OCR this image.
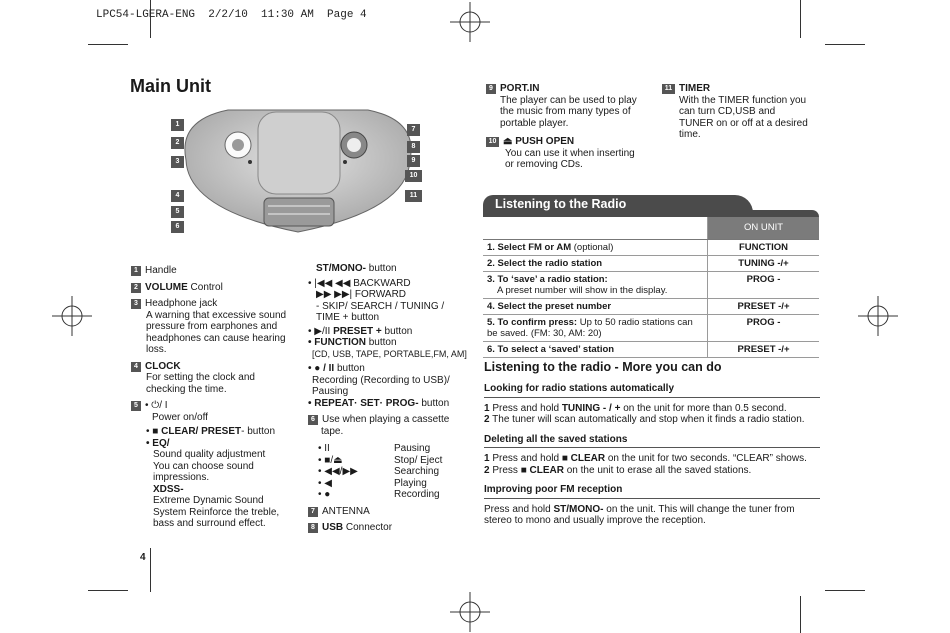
LPC54-LGERA-ENG  2/2/10  11:30 AM  Page 4
Main Unit
4
1
2
3
4
5
6
7
8
9
10
11
1 Handle
2 VOLUME Control
3 Headphone jack
A warning that excessive sound pressure from earphones and headphones can cause hearing loss.
4 CLOCK
For setting the clock and checking the time.
5 • ⏻/ I
Power on/off
• ■ CLEAR/ PRESET- button
• EQ/
Sound quality adjustment
You can choose sound impressions.
XDSS-
Extreme Dynamic Sound System Reinforce the treble, bass and surround effect.
ST/MONO- button
• |◀◀ ◀◀ BACKWARD
▶▶ ▶▶| FORWARD
- SKIP/ SEARCH / TUNING / TIME + button
• ▶/II PRESET + button
• FUNCTION button
[CD, USB, TAPE, PORTABLE,FM, AM]
• ● / II button
Recording (Recording to USB)/ Pausing
• REPEAT· SET· PROG- button
6 Use when playing a cassette tape.
• II	Pausing
• ■/⏏	Stop/ Eject
• ◀◀/▶▶	Searching
• ◀	Playing
• ●	Recording
7 ANTENNA
8 USB Connector
9 PORT.IN
The player can be used to play the music from many types of portable player.
10 ⏏ PUSH OPEN
You can use it when inserting or removing CDs.
11 TIMER
With the TIMER function you can turn CD,USB and TUNER on or off at a desired time.
Listening to the Radio
	ON UNIT
1. Select FM or AM (optional)	FUNCTION
2. Select the radio station	TUNING -/+

3. To ‘save’ a radio station:
A preset number will show in the display.	PROG -
4. Select the preset number	PRESET -/+
5. To confirm press: Up to 50 radio stations can be saved. (FM: 30, AM: 20)	PROG -
6. To select a ‘saved’ station	PRESET -/+
Listening to the radio - More you can do
Looking for radio stations automatically
1 Press and hold TUNING - / + on the unit for more than 0.5 second.
2 The tuner will scan automatically and stop when it finds a radio station.
Deleting all the saved stations
1 Press and hold ■ CLEAR on the unit for two seconds. “CLEAR” shows.
2 Press ■ CLEAR on the unit to erase all the saved stations.
Improving poor FM reception
Press and hold ST/MONO- on the unit. This will change the tuner from stereo to mono and usually improve the reception.
